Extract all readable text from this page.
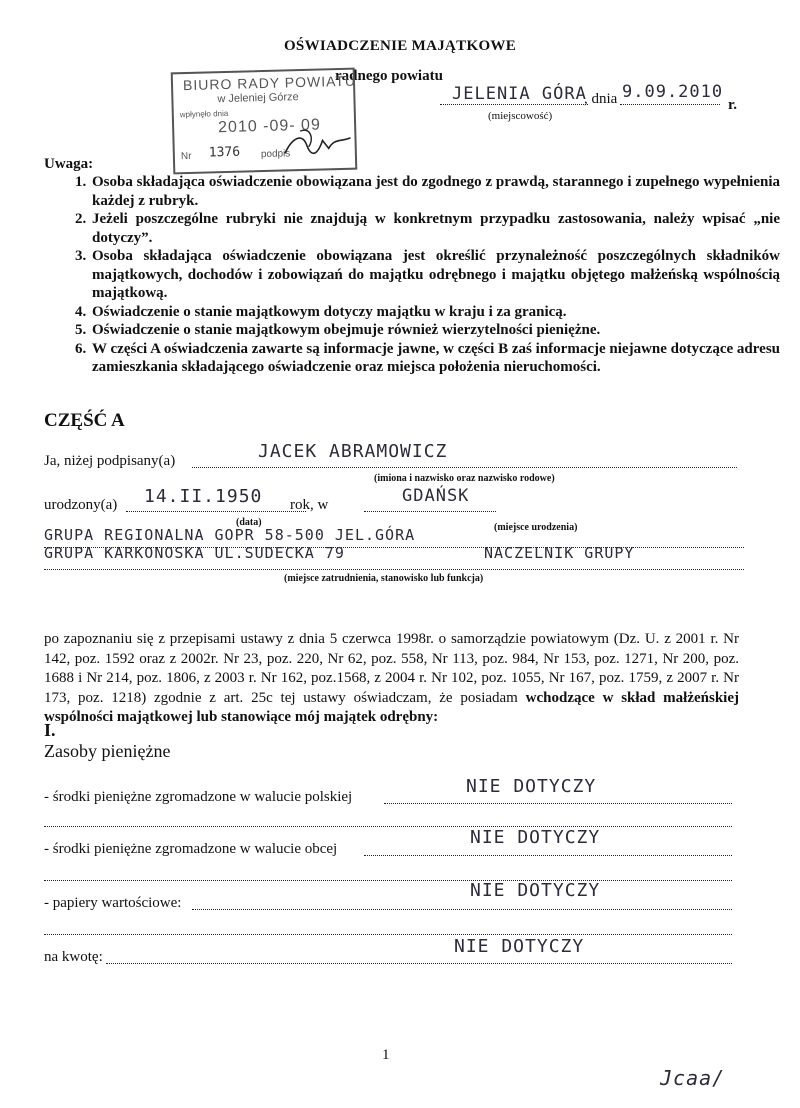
OŚWIADCZENIE MAJĄTKOWE
radnego powiatu
JELENIA GÓRA
, dnia 9.09.2010
r.
(miejscowość)
BIURO RADY POWIATU
w Jeleniej Górze
wpłynęło dnia
2010 -09- 09
Nr 1376 podpis
Uwaga:
1. Osoba składająca oświadczenie obowiązana jest do zgodnego z prawdą, starannego i zupełnego wypełnienia każdej z rubryk.
2. Jeżeli poszczególne rubryki nie znajdują w konkretnym przypadku zastosowania, należy wpisać „nie dotyczy”.
3. Osoba składająca oświadczenie obowiązana jest określić przynależność poszczególnych składników majątkowych, dochodów i zobowiązań do majątku odrębnego i majątku objętego małżeńską wspólnością majątkową.
4. Oświadczenie o stanie majątkowym dotyczy majątku w kraju i za granicą.
5. Oświadczenie o stanie majątkowym obejmuje również wierzytelności pieniężne.
6. W części A oświadczenia zawarte są informacje jawne, w części B zaś informacje niejawne dotyczące adresu zamieszkania składającego oświadczenie oraz miejsca położenia nieruchomości.
CZĘŚĆ A
Ja, niżej podpisany(a)	JACEK ABRAMOWICZ
(imiona i nazwisko oraz nazwisko rodowe)
urodzony(a) 14.II.1950 rok, w	GDAŃSK
(data)	(miejsce urodzenia)
GRUPA REGIONALNA GOPR 58-500 JEL.GÓRA
GRUPA KARKONOSKA UL.SUDECKA 79	NACZELNIK GRUPY
(miejsce zatrudnienia, stanowisko lub funkcja)
po zapoznaniu się z przepisami ustawy z dnia 5 czerwca 1998r. o samorządzie powiatowym (Dz. U. z 2001 r. Nr 142, poz. 1592 oraz z 2002r. Nr 23, poz. 220, Nr 62, poz. 558, Nr 113, poz. 984, Nr 153, poz. 1271, Nr 200, poz. 1688 i Nr 214, poz. 1806, z 2003 r. Nr 162, poz.1568, z 2004 r. Nr 102, poz. 1055, Nr 167, poz. 1759, z 2007 r. Nr 173, poz. 1218) zgodnie z art. 25c tej ustawy oświadczam, że posiadam wchodzące w skład małżeńskiej wspólności majątkowej lub stanowiące mój majątek odrębny:
I.
Zasoby pieniężne
- środki pieniężne zgromadzone w walucie polskiej	NIE DOTYCZY
- środki pieniężne zgromadzone w walucie obcej
NIE DOTYCZY
- papiery wartościowe:
NIE DOTYCZY
na kwotę:	NIE DOTYCZY
1
Jcaa/
